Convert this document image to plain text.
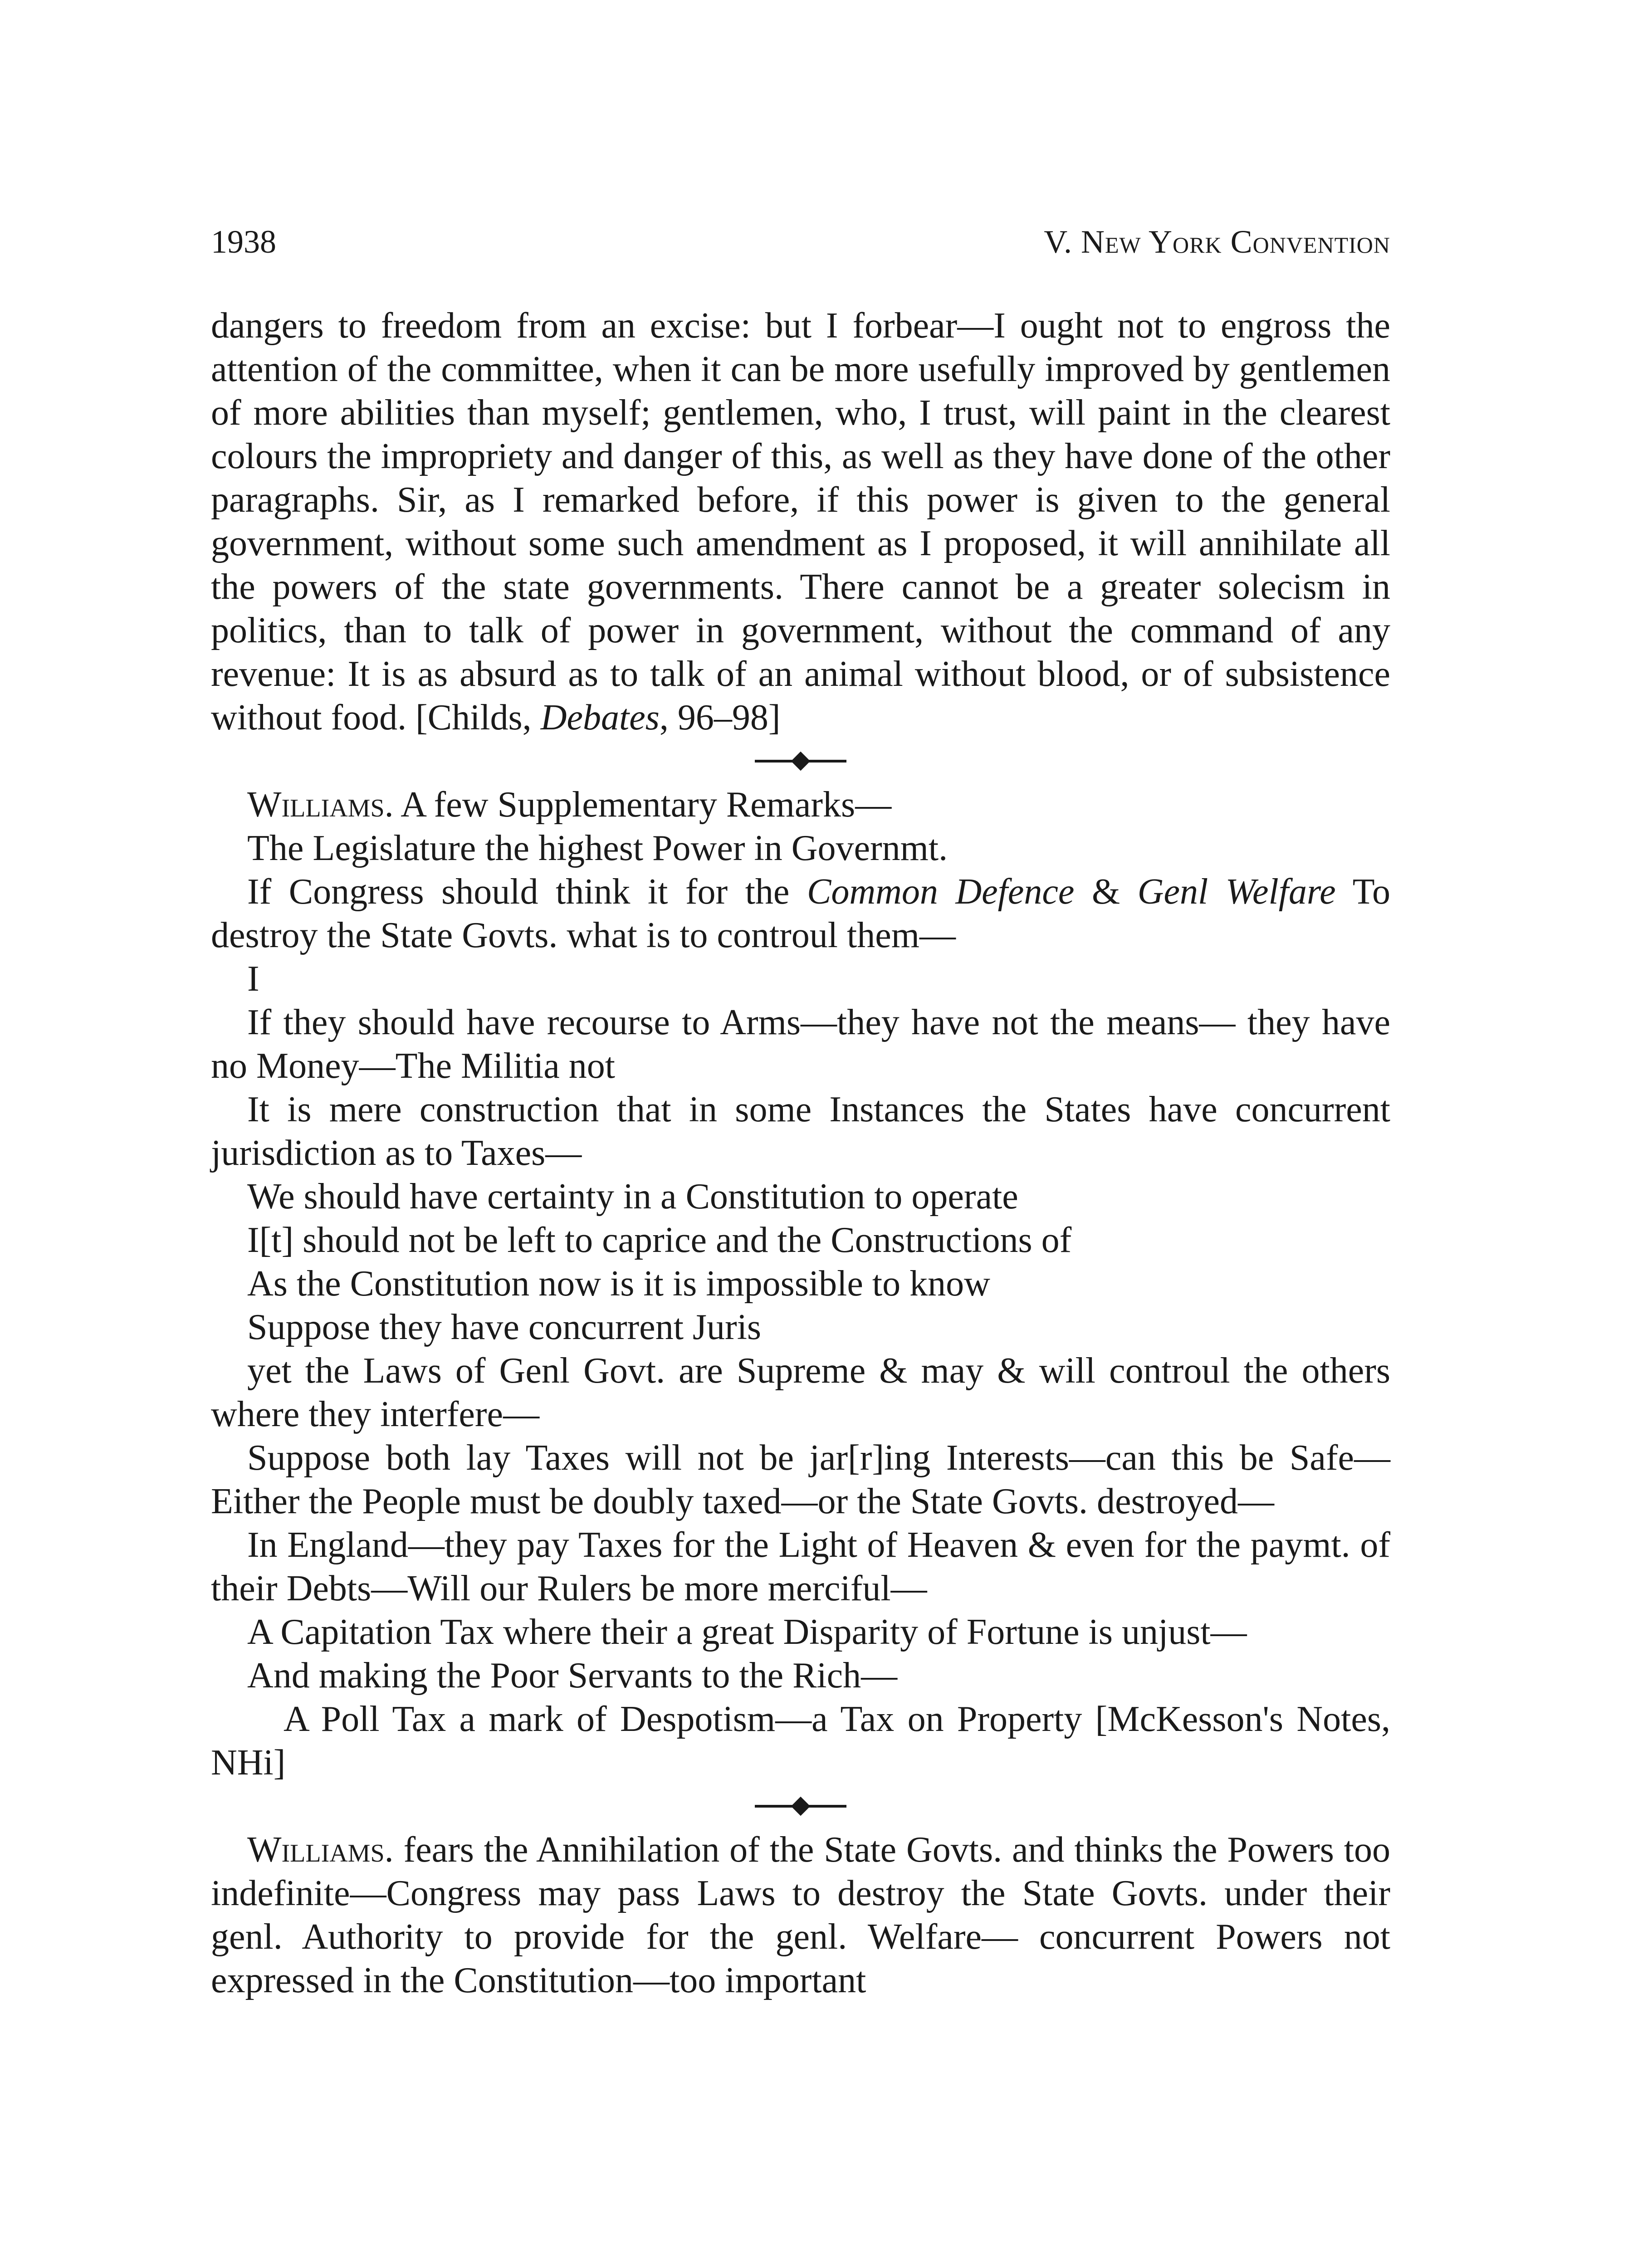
1938	V. New York Convention

dangers to freedom from an excise: but I forbear—I ought not to engross the attention of the committee, when it can be more usefully improved by gentlemen of more abilities than myself; gentlemen, who, I trust, will paint in the clearest colours the impropriety and danger of this, as well as they have done of the other paragraphs. Sir, as I remarked before, if this power is given to the general government, without some such amendment as I proposed, it will annihilate all the powers of the state governments. There cannot be a greater solecism in politics, than to talk of power in government, without the command of any revenue: It is as absurd as to talk of an animal without blood, or of subsistence without food. [Childs, Debates, 96–98]

Williams. A few Supplementary Remarks—

The Legislature the highest Power in Governmt.

If Congress should think it for the Common Defence & Genl Welfare To destroy the State Govts. what is to controul them—

I

If they should have recourse to Arms—they have not the means— they have no Money—The Militia not

It is mere construction that in some Instances the States have concurrent jurisdiction as to Taxes—

We should have certainty in a Constitution to operate

I[t] should not be left to caprice and the Constructions of

As the Constitution now is it is impossible to know

Suppose they have concurrent Juris

yet the Laws of Genl Govt. are Supreme & may & will controul the others where they interfere—

Suppose both lay Taxes will not be jar[r]ing Interests—can this be Safe—Either the People must be doubly taxed—or the State Govts. destroyed—

In England—they pay Taxes for the Light of Heaven & even for the paymt. of their Debts—Will our Rulers be more merciful—

A Capitation Tax where their a great Disparity of Fortune is unjust—

And making the Poor Servants to the Rich—

A Poll Tax a mark of Despotism—a Tax on Property [McKesson's Notes, NHi]

Williams. fears the Annihilation of the State Govts. and thinks the Powers too indefinite—Congress may pass Laws to destroy the State Govts. under their genl. Authority to provide for the genl. Welfare— concurrent Powers not expressed in the Constitution—too important
